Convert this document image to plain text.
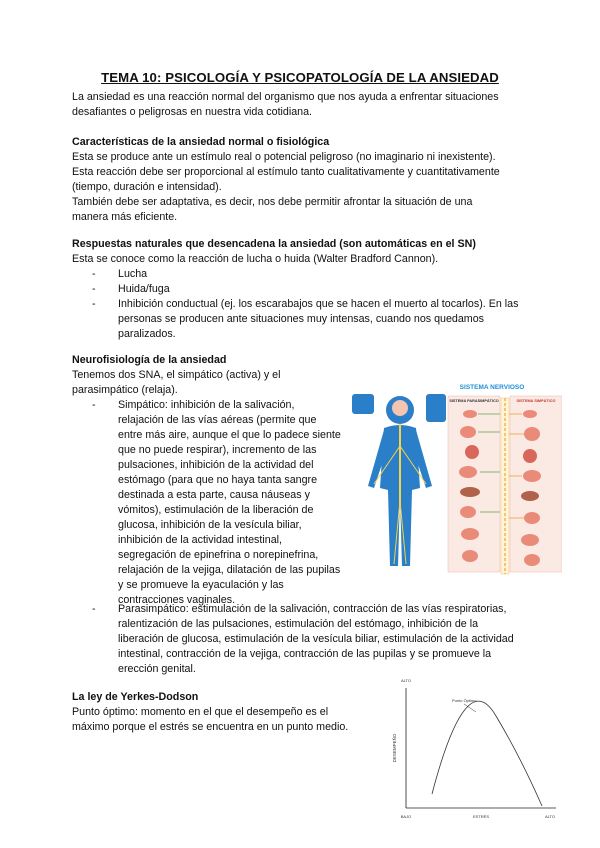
TEMA 10: PSICOLOGÍA Y PSICOPATOLOGÍA DE LA ANSIEDAD
La ansiedad es una reacción normal del organismo que nos ayuda a enfrentar situaciones
desafiantes o peligrosas en nuestra vida cotidiana.
Características de la ansiedad normal o fisiológica
Esta se produce ante un estímulo real o potencial peligroso (no imaginario ni inexistente).
Esta reacción debe ser proporcional al estímulo tanto cualitativamente y cuantitativamente
(tiempo, duración e intensidad).
También debe ser adaptativa, es decir, nos debe permitir afrontar la situación de una
manera más eficiente.
Respuestas naturales que desencadena la ansiedad (son automáticas en el SN)
Esta se conoce como la reacción de lucha o huida (Walter Bradford Cannon).
- Lucha
- Huida/fuga
- Inhibición conductual (ej. los escarabajos que se hacen el muerto al tocarlos). En las
personas se producen ante situaciones muy intensas, cuando nos quedamos
paralizados.
Neurofisiología de la ansiedad
Tenemos dos SNA, el simpático (activa) y el
parasimpático (relaja).
- Simpático: inhibición de la salivación,
relajación de las vías aéreas (permite que
entre más aire, aunque el que lo padece siente
que no puede respirar), incremento de las
pulsaciones, inhibición de la actividad del
estómago (para que no haya tanta sangre
destinada a esta parte, causa náuseas y
vómitos), estimulación de la liberación de
glucosa, inhibición de la vesícula biliar,
inhibición de la actividad intestinal,
segregación de epinefrina o norepinefrina,
relajación de la vejiga, dilatación de las pupilas
y se promueve la eyaculación y las
contracciones vaginales.
- Parasimpático: estimulación de la salivación, contracción de las vías respiratorias,
ralentización de las pulsaciones, estimulación del estómago, inhibición de la
liberación de glucosa, estimulación de la vesícula biliar, estimulación de la actividad
intestinal, contracción de la vejiga, contracción de las pupilas y se promueve la
erección genital.
SISTEMA NERVIOSO
SISTEMA PARASIMPÁTICO	SISTEMA SIMPÁTICO
La ley de Yerkes-Dodson
Punto óptimo: momento en el que el desempeño es el
máximo porque el estrés se encuentra en un punto medio.
ALTO
DESEMPEÑO
Punto Óptimo
BAJO	ESTRÉS	ALTO
